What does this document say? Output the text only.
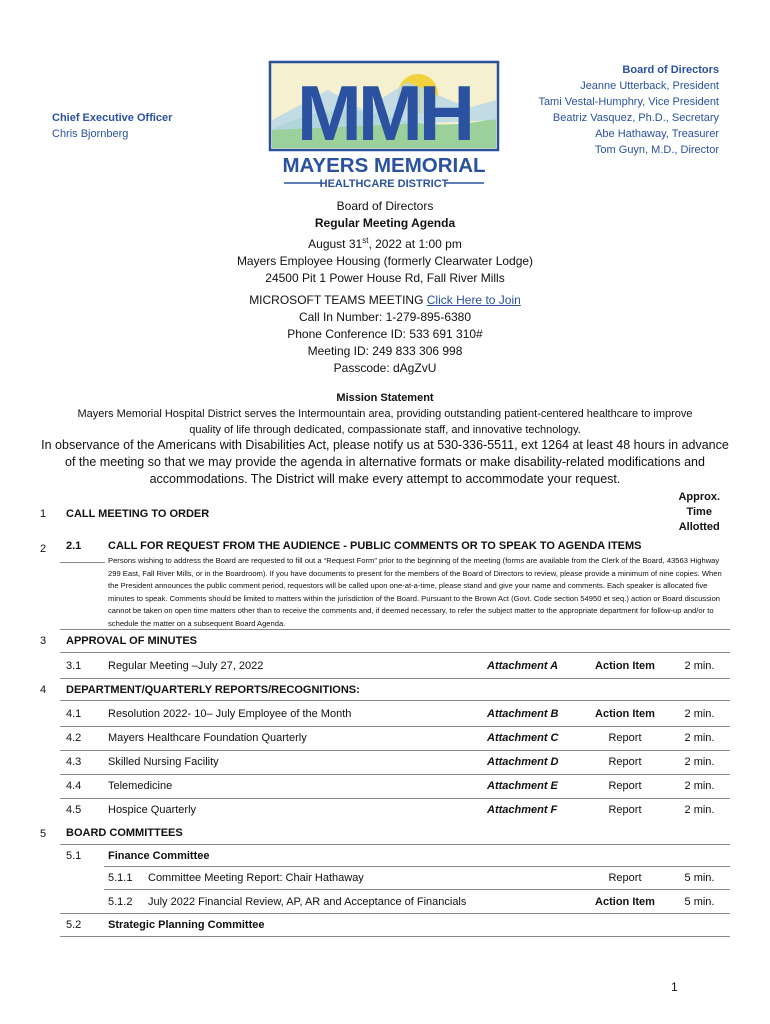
Chief Executive Officer
Chris Bjornberg	MMH
MAYERS MEMORIAL
HEALTHCARE DISTRICT
Board of Directors
Jeanne Utterback, President
Tami Vestal-Humphry, Vice President
Beatriz Vasquez, Ph.D., Secretary
Abe Hathaway, Treasurer
Tom Guyn, M.D., Director
Board of Directors
Regular Meeting Agenda
August 31st, 2022 at 1:00 pm
Mayers Employee Housing (formerly Clearwater Lodge)
24500 Pit 1 Power House Rd, Fall River Mills
MICROSOFT TEAMS MEETING Click Here to Join
Call In Number: 1-279-895-6380
Phone Conference ID: 533 691 310#
Meeting ID: 249 833 306 998
Passcode: dAgZvU
Mission Statement
Mayers Memorial Hospital District serves the Intermountain area, providing outstanding patient-centered healthcare to improve
quality of life through dedicated, compassionate staff, and innovative technology.
In observance of the Americans with Disabilities Act, please notify us at 530-336-5511, ext 1264 at least 48 hours in advance of the meeting so that we may provide the agenda in alternative formats or make disability-related modifications and accommodations. The District will make every attempt to accommodate your request.
Approx.
Time
Allotted
1 CALL MEETING TO ORDER
2 2.1 CALL FOR REQUEST FROM THE AUDIENCE - PUBLIC COMMENTS OR TO SPEAK TO AGENDA ITEMS
Persons wishing to address the Board are requested to fill out a “Request Form” prior to the beginning of the meeting (forms are available from the Clerk of the Board, 43563 Highway 299 East, Fall River Mills, or in the Boardroom). If you have documents to present for the members of the Board of Directors to review, please provide a minimum of nine copies. When the President announces the public comment period, requestors will be called upon one-at-a-time, please stand and give your name and comments. Each speaker is allocated five minutes to speak. Comments should be limited to matters within the jurisdiction of the Board. Pursuant to the Brown Act (Govt. Code section 54950 et seq.) action or Board discussion cannot be taken on open time matters other than to receive the comments and, if deemed necessary, to refer the subject matter to the appropriate department for follow-up and/or to schedule the matter on a subsequent Board Agenda.
3 APPROVAL OF MINUTES
3.1 Regular Meeting –July 27, 2022	Attachment A	Action Item	2 min.
4 DEPARTMENT/QUARTERLY REPORTS/RECOGNITIONS:
4.1 Resolution 2022- 10– July Employee of the Month	Attachment B	Action Item	2 min.
4.2 Mayers Healthcare Foundation Quarterly	Attachment C	Report	2 min.
4.3 Skilled Nursing Facility	Attachment D	Report	2 min.
4.4 Telemedicine	Attachment E	Report	2 min.
4.5 Hospice Quarterly	Attachment F	Report	2 min.
5 BOARD COMMITTEES
5.1 Finance Committee
5.1.1 Committee Meeting Report: Chair Hathaway	Report	5 min.
5.1.2 July 2022 Financial Review, AP, AR and Acceptance of Financials	Action Item	5 min.
5.2 Strategic Planning Committee
1
